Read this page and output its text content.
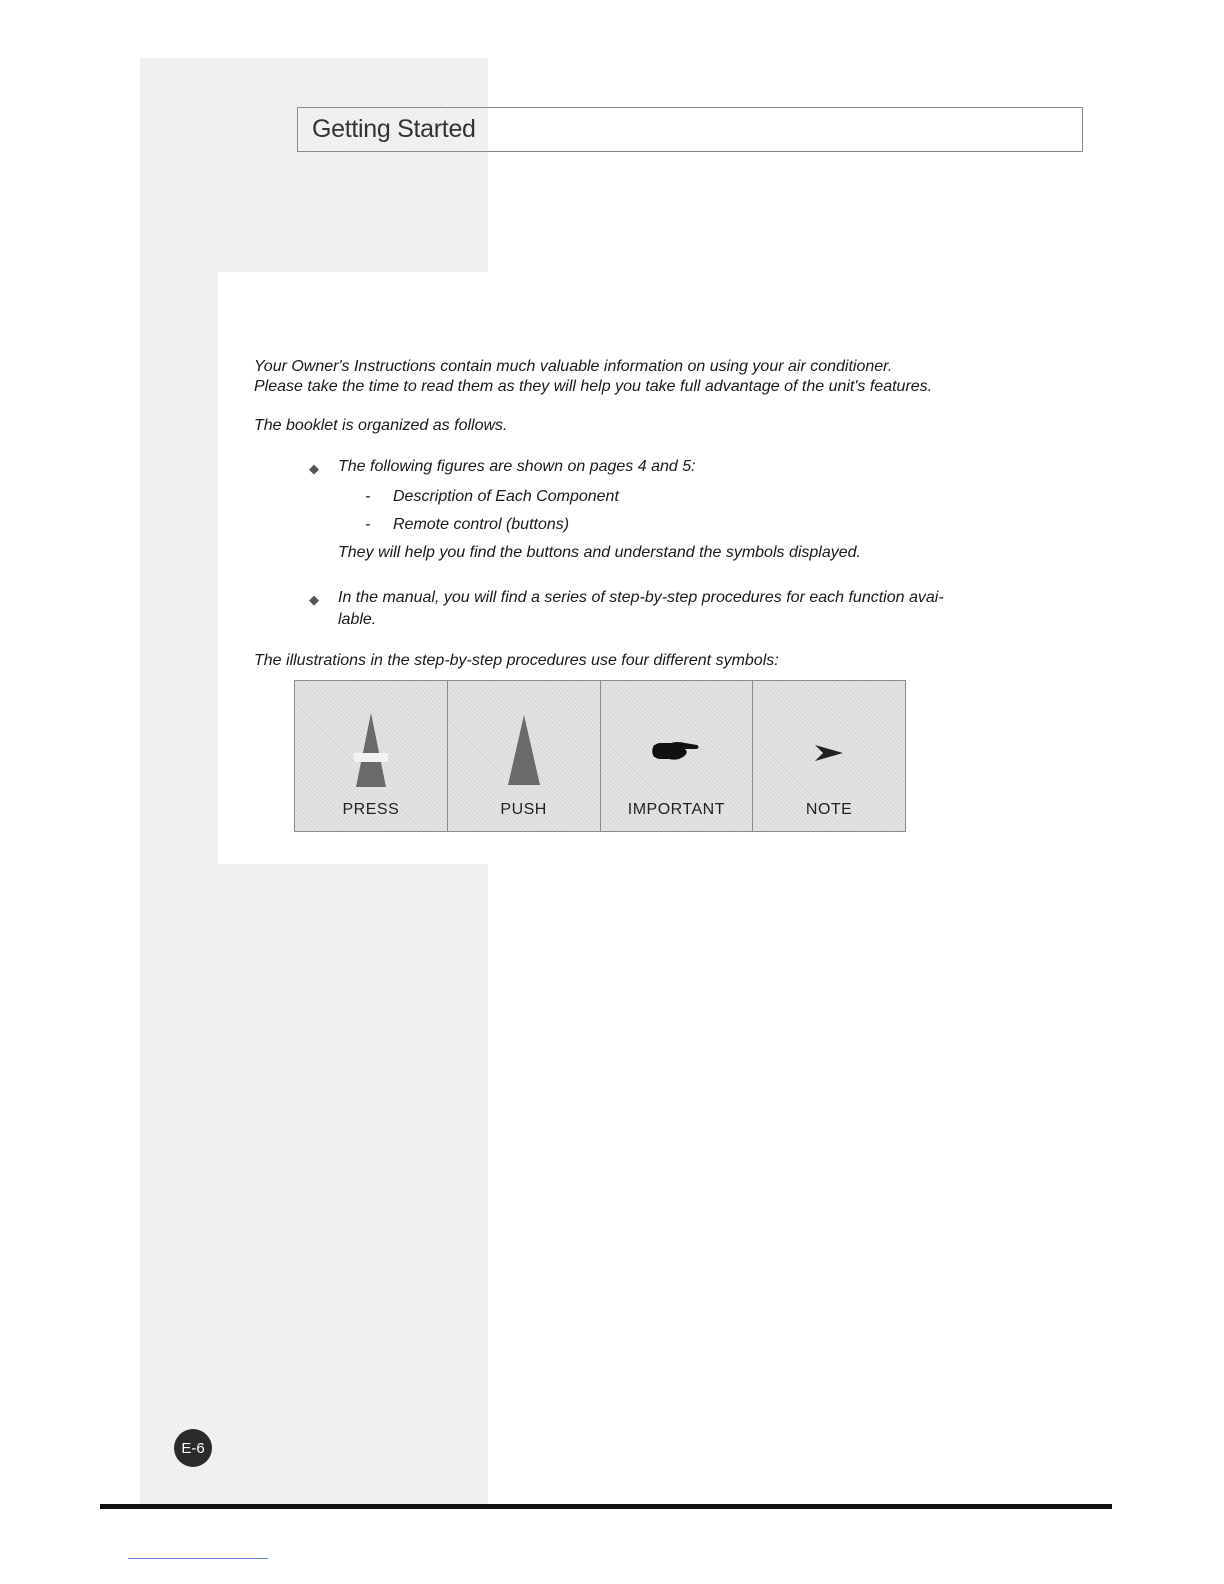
Getting Started
Your Owner's Instructions contain much valuable information on using your air conditioner.
Please take the time to read them as they will help you take full advantage of the unit's features.
The booklet is organized as follows.
◆ The following figures are shown on pages 4 and 5:
- Description of Each Component
- Remote control (buttons)
They will help you find the buttons and understand the symbols displayed.
◆ In the manual, you will find a series of step-by-step procedures for each function avai-
lable.
The illustrations in the step-by-step procedures use four different symbols:
PRESS	PUSH	IMPORTANT	NOTE
E-6
